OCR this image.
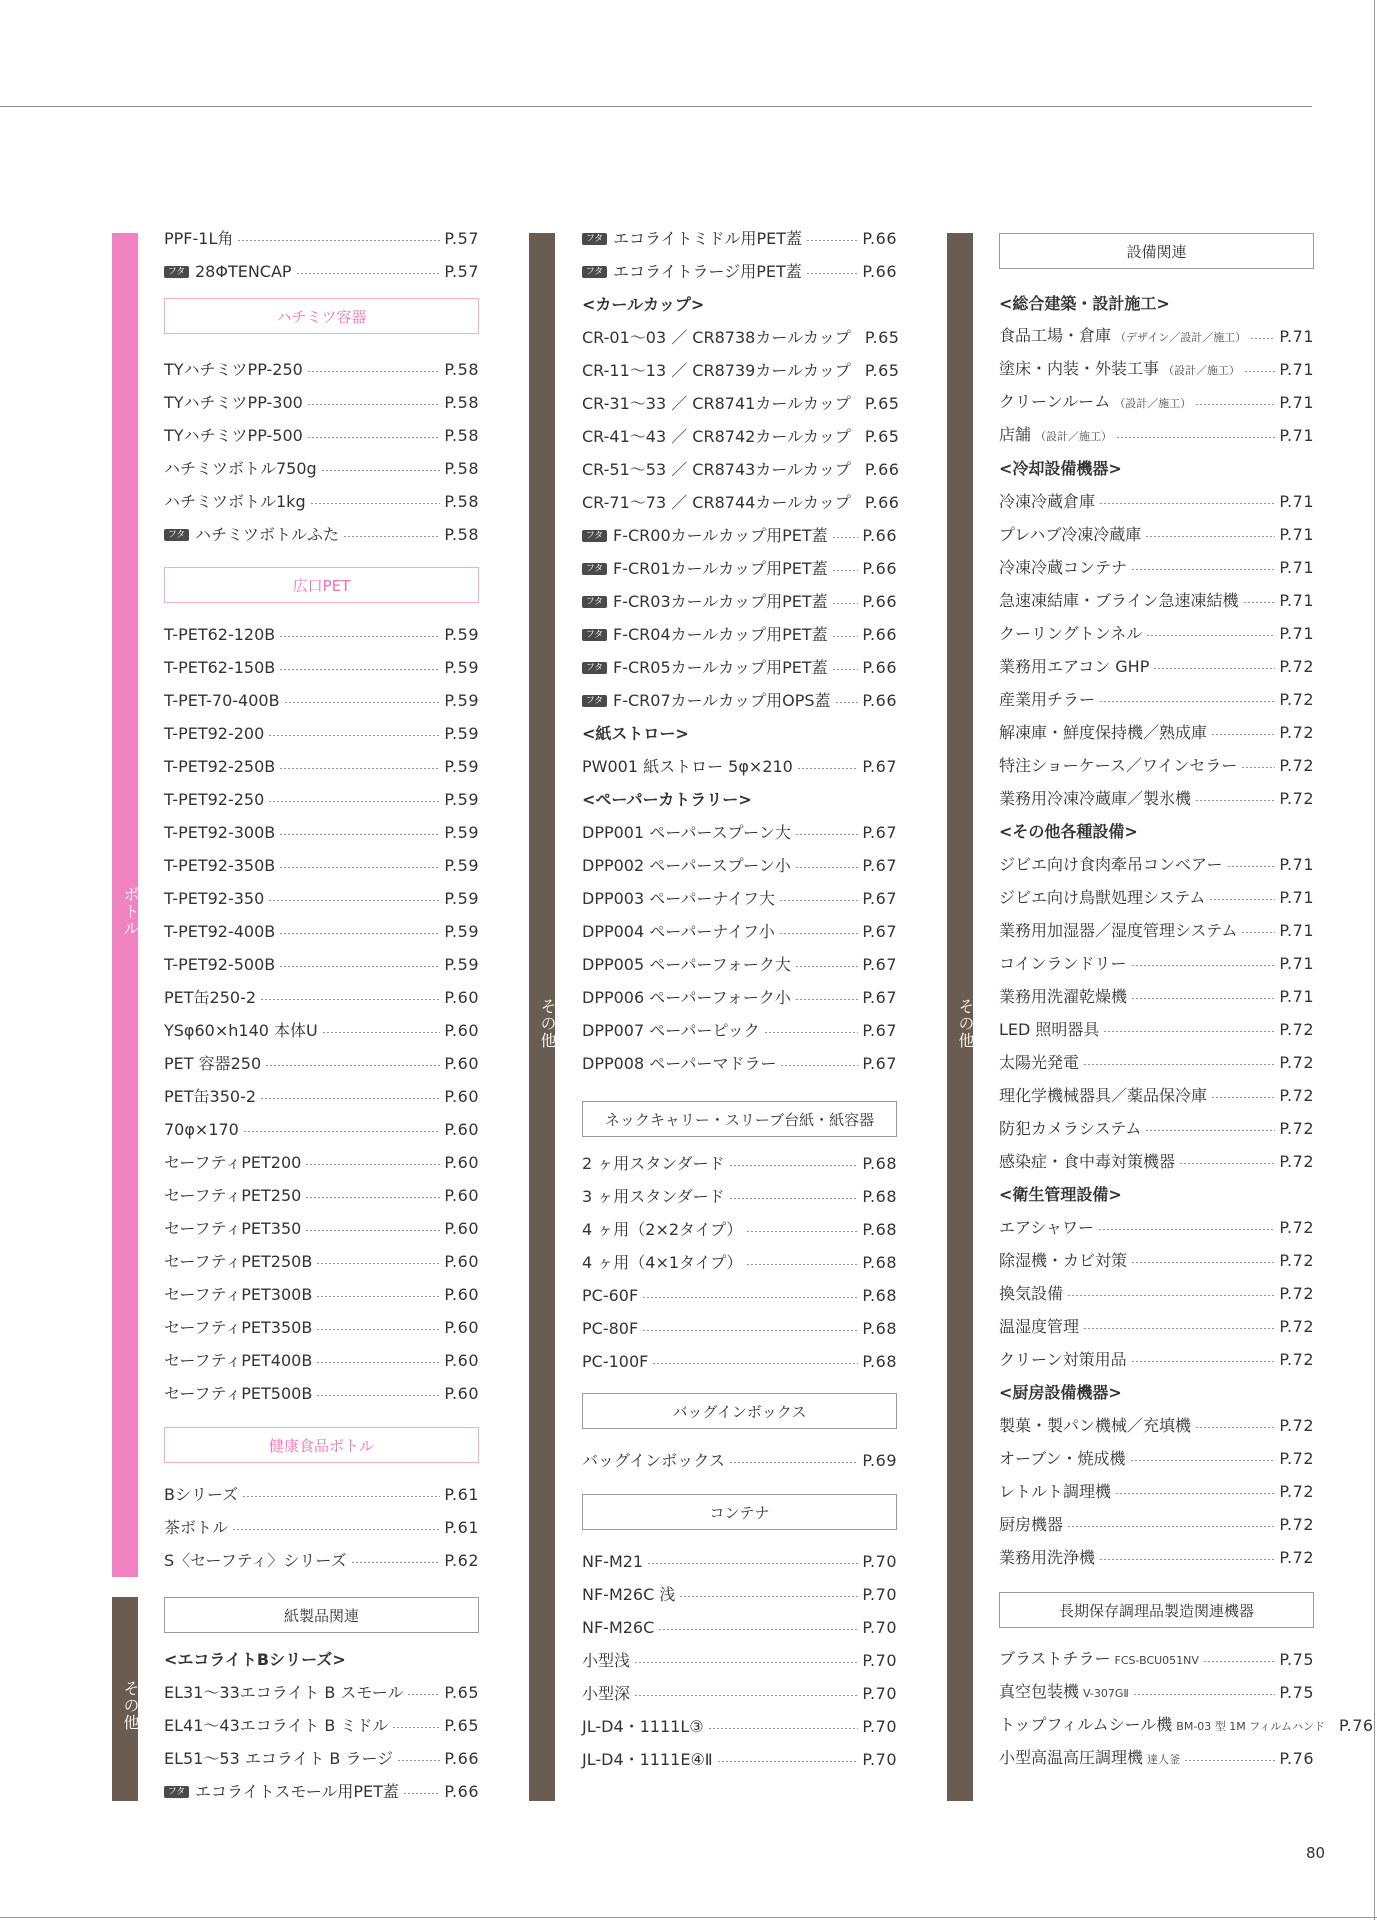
ボトル
その他
その他	その他
PPF-1L角	P.57
フタ 28ΦTENCAP	P.57
ハチミツ容器
TYハチミツPP-250	P.58
TYハチミツPP-300	P.58
TYハチミツPP-500	P.58
ハチミツボトル750g	P.58
ハチミツボトル1kg	P.58
フタ ハチミツボトルふた	P.58
広口PET
T-PET62-120B	P.59
T-PET62-150B	P.59
T-PET-70-400B	P.59
T-PET92-200	P.59
T-PET92-250B	P.59
T-PET92-250	P.59
T-PET92-300B	P.59
T-PET92-350B	P.59
T-PET92-350	P.59
T-PET92-400B	P.59
T-PET92-500B	P.59
PET缶250-2	P.60
YSφ60×h140 本体U	P.60
PET 容器250	P.60
PET缶350-2	P.60
70φ×170	P.60
セーフティPET200	P.60
セーフティPET250	P.60
セーフティPET350	P.60
セーフティPET250B	P.60
セーフティPET300B	P.60
セーフティPET350B	P.60
セーフティPET400B	P.60
セーフティPET500B	P.60
健康食品ボトル
Bシリーズ	P.61
茶ボトル	P.61
S〈セーフティ〉シリーズ	P.62
紙製品関連
<エコライトBシリーズ>
EL31～33エコライト B スモール	P.65
EL41～43エコライト B ミドル	P.65
EL51～53 エコライト B ラージ	P.66
フタ エコライトスモール用PET蓋	P.66
フタ エコライトミドル用PET蓋	P.66
フタ エコライトラージ用PET蓋	P.66
<カールカップ>
CR-01～03 ／ CR8738カールカップ P.65
CR-11～13 ／ CR8739カールカップ P.65
CR-31～33 ／ CR8741カールカップ P.65
CR-41～43 ／ CR8742カールカップ P.65
CR-51～53 ／ CR8743カールカップ P.66
CR-71～73 ／ CR8744カールカップ P.66
フタ F-CR00カールカップ用PET蓋 P.66
フタ F-CR01カールカップ用PET蓋 P.66
フタ F-CR03カールカップ用PET蓋 P.66
フタ F-CR04カールカップ用PET蓋 P.66
フタ F-CR05カールカップ用PET蓋 P.66
フタ F-CR07カールカップ用OPS蓋 P.66
<紙ストロー>
PW001 紙ストロー 5φ×210	P.67
<ペーパーカトラリー>
DPP001 ペーパースプーン大	P.67
DPP002 ペーパースプーン小	P.67
DPP003 ペーパーナイフ大	P.67
DPP004 ペーパーナイフ小	P.67
DPP005 ペーパーフォーク大	P.67
DPP006 ペーパーフォーク小	P.67
DPP007 ペーパーピック	P.67
DPP008 ペーパーマドラー	P.67
ネックキャリー・スリーブ台紙・紙容器
2 ヶ用スタンダード	P.68
3 ヶ用スタンダード	P.68
4 ヶ用（2×2タイプ）	P.68
4 ヶ用（4×1タイプ）	P.68
PC-60F	P.68
PC-80F	P.68
PC-100F	P.68
バッグインボックス
バッグインボックス	P.69
コンテナ
NF-M21	P.70
NF-M26C 浅	P.70
NF-M26C	P.70
小型浅	P.70
小型深	P.70
JL-D4・1111L③	P.70
JL-D4・1111E④Ⅱ	P.70
設備関連
<総合建築・設計施工>
食品工場・倉庫 （デザイン／設計／施工） P.71
塗床・内装・外装工事 （設計／施工） P.71
クリーンルーム （設計／施工）	P.71
店舗 （設計／施工）	P.71
<冷却設備機器>
冷凍冷蔵倉庫	P.71
プレハブ冷凍冷蔵庫	P.71
冷凍冷蔵コンテナ	P.71
急速凍結庫・ブライン急速凍結機	P.71
クーリングトンネル	P.71
業務用エアコン GHP	P.72
産業用チラー	P.72
解凍庫・鮮度保持機／熟成庫	P.72
特注ショーケース／ワインセラー	P.72
業務用冷凍冷蔵庫／製氷機	P.72
<その他各種設備>
ジビエ向け食肉牽吊コンベアー	P.71
ジビエ向け鳥獣処理システム	P.71
業務用加湿器／湿度管理システム	P.71
コインランドリー	P.71
業務用洗濯乾燥機	P.71
LED 照明器具	P.72
太陽光発電	P.72
理化学機械器具／薬品保冷庫	P.72
防犯カメラシステム	P.72
感染症・食中毒対策機器	P.72
<衛生管理設備>
エアシャワー	P.72
除湿機・カビ対策	P.72
換気設備	P.72
温湿度管理	P.72
クリーン対策用品	P.72
<厨房設備機器>
製菓・製パン機械／充填機	P.72
オーブン・焼成機	P.72
レトルト調理機	P.72
厨房機器	P.72
業務用洗浄機	P.72
長期保存調理品製造関連機器
ブラストチラー FCS-BCU051NV	P.75
真空包装機 V-307GⅡ	P.75
トップフィルムシール機 BM-03 型 1M フィルムハンド P.76
小型高温高圧調理機 達人釜	P.76
80
